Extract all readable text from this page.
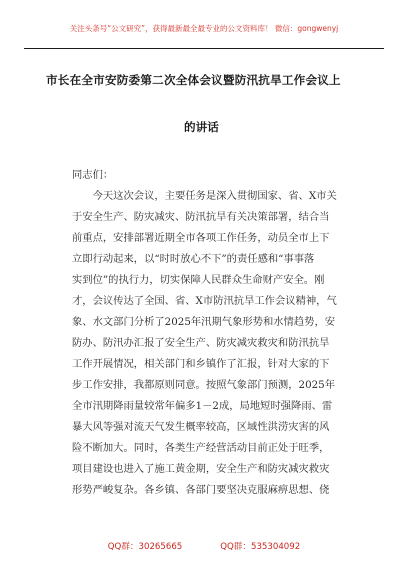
关注头条号“公文研究”，获得最新最全最专业的公文资料库！ 微信：gongwenyj
市长在全市安防委第二次全体会议暨防汛抗旱工作会议上
的讲话
同志们：
　　今天这次会议，主要任务是深入贯彻国家、省、X市关
于安全生产、防灾减灾、防汛抗旱有关决策部署，结合当
前重点，安排部署近期全市各项工作任务，动员全市上下
立即行动起来，以“时时放心不下”的责任感和“事事落
实到位”的执行力，切实保障人民群众生命财产安全。刚
才，会议传达了全国、省、X市防汛抗旱工作会议精神，气
象、水文部门分析了2025年汛期气象形势和水情趋势，安
防办、防汛办汇报了安全生产、防灾减灾救灾和防汛抗旱
工作开展情况，相关部门和乡镇作了汇报，针对大家的下
步工作安排，我都原则同意。按照气象部门预测，2025年
全市汛期降雨量较常年偏多1－2成，局地短时强降雨、雷
暴大风等强对流天气发生概率较高，区域性洪涝灾害的风
险不断加大。同时，各类生产经营活动目前正处于旺季，
项目建设也进入了施工黄金期，安全生产和防灾减灾救灾
形势严峻复杂。各乡镇、各部门要坚决克服麻痹思想、侥
QQ群：30265665	QQ群：535304092
